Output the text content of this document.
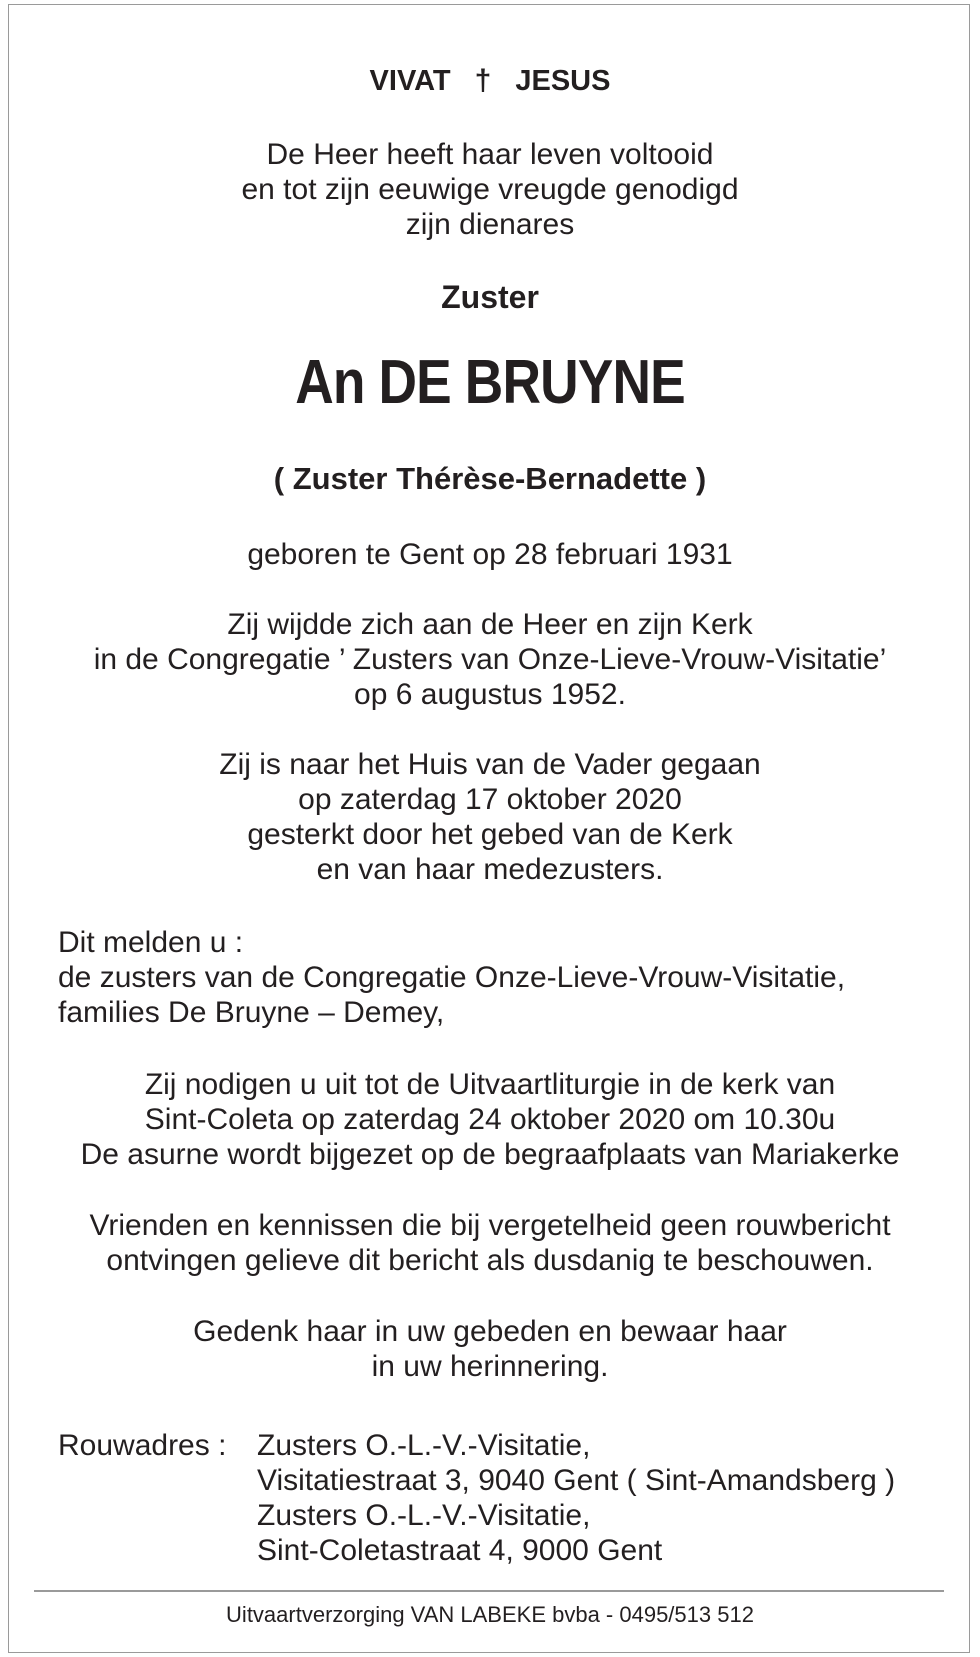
VIVAT † JESUS
De Heer heeft haar leven voltooid
en tot zijn eeuwige vreugde genodigd
zijn dienares
Zuster
An DE BRUYNE
( Zuster Thérèse-Bernadette )
geboren te Gent op 28 februari 1931
Zij wijdde zich aan de Heer en zijn Kerk
in de Congregatie ’ Zusters van Onze-Lieve-Vrouw-Visitatie’
op 6 augustus 1952.
Zij is naar het Huis van de Vader gegaan
op zaterdag 17 oktober 2020
gesterkt door het gebed van de Kerk
en van haar medezusters.
Dit melden u :
de zusters van de Congregatie Onze-Lieve-Vrouw-Visitatie,
families De Bruyne – Demey,
Zij nodigen u uit tot de Uitvaartliturgie in de kerk van
Sint-Coleta op zaterdag 24 oktober 2020 om 10.30u
De asurne wordt bijgezet op de begraafplaats van Mariakerke
Vrienden en kennissen die bij vergetelheid geen rouwbericht
ontvingen gelieve dit bericht als dusdanig te beschouwen.
Gedenk haar in uw gebeden en bewaar haar
in uw herinnering.
Rouwadres : Zusters O.-L.-V.-Visitatie,
Visitatiestraat 3, 9040 Gent ( Sint-Amandsberg )
Zusters O.-L.-V.-Visitatie,
Sint-Coletastraat 4, 9000 Gent
Uitvaartverzorging VAN LABEKE bvba - 0495/513 512
